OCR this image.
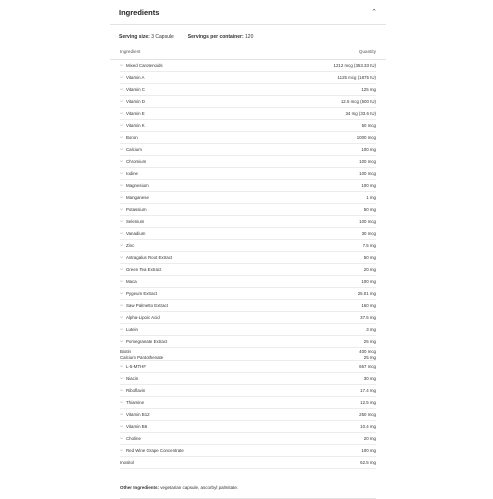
Ingredients	⌃
Serving size: 3 Capsule	Servings per container: 120
Ingredient	Quantity
⌵ Mixed Carotenoids	1212 mcg (353.33 IU)
⌵ Vitamin A	1125 mcg (1875 IU)
⌵ Vitamin C	125 mg
⌵ Vitamin D	12.5 mcg (500 IU)
⌵ Vitamin E	34 mg (33.6 IU)
⌵ Vitamin K	50 mcg
⌵ Boron	1000 mcg
⌵ Calcium	100 mg
⌵ Chromium	100 mcg
⌵ Iodine	100 mcg
⌵ Magnesium	100 mg
⌵ Manganese	1 mg
⌵ Potassium	50 mg
⌵ Selenium	100 mcg
⌵ Vanadium	30 mcg
⌵ Zinc	7.5 mg
⌵ Astragalus Root Extract	50 mg
⌵ Green Tea Extract	20 mg
⌵ Maca	100 mg
⌵ Pygeum Extract	25.01 mg
⌵ Saw Palmetto Extract	160 mg
⌵ Alpha-Lipoic Acid	37.5 mg
⌵ Lutein	3 mg
⌵ Pomegranate Extract	25 mg
Biotin	400 mcg
Calcium Pantothenate	25 mg
⌵ L-5-MTHF	667 mcg
⌵ Niacin	30 mg
⌵ Riboflavin	17.4 mg
⌵ Thiamine	12.5 mg
⌵ Vitamin B12	250 mcg
⌵ Vitamin B6	10.4 mg
⌵ Choline	20 mg
⌵ Red Wine Grape Concentrate	100 mg
Inositol	62.5 mg
Other Ingredients: vegetarian capsule, ascorbyl palmitate.
